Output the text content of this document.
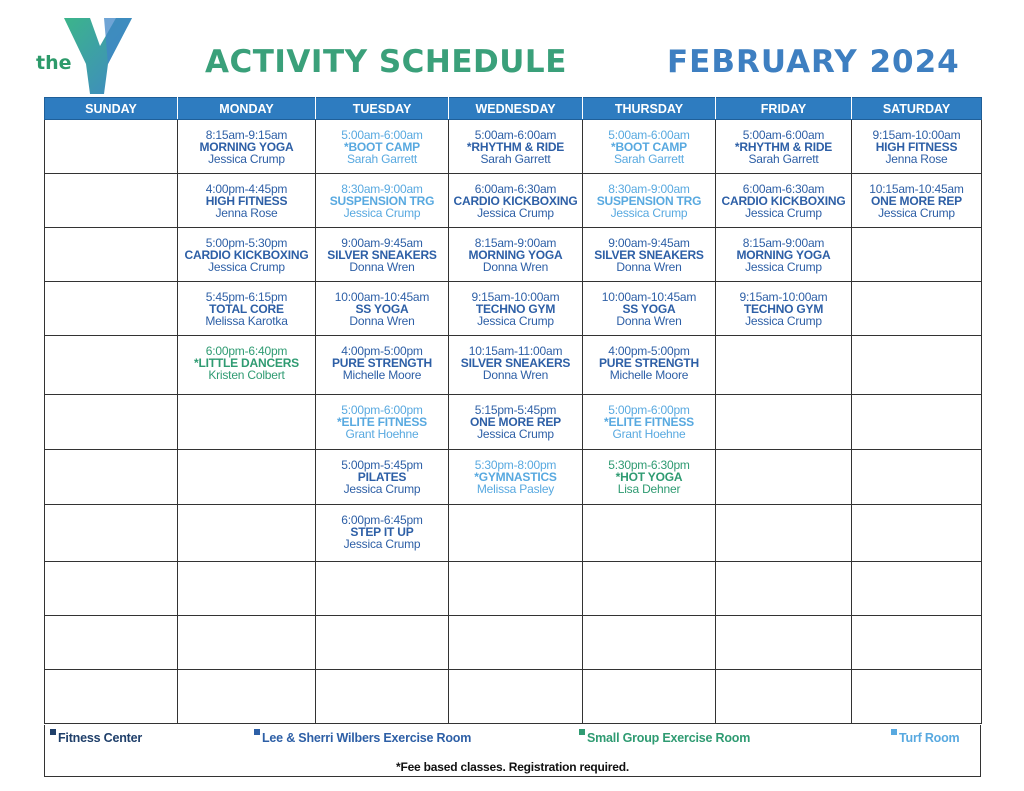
the
YMCA	ACTIVITY SCHEDULE	FEBRUARY 2024
SUNDAY	MONDAY	TUESDAY	WEDNESDAY	THURSDAY	FRIDAY	SATURDAY

	8:15am-9:15am
MORNING YOGA
Jessica Crump	5:00am-6:00am
*BOOT CAMP
Sarah Garrett	5:00am-6:00am
*RHYTHM & RIDE
Sarah Garrett	5:00am-6:00am
*BOOT CAMP
Sarah Garrett	5:00am-6:00am
*RHYTHM & RIDE
Sarah Garrett	9:15am-10:00am
HIGH FITNESS
Jenna Rose

	4:00pm-4:45pm
HIGH FITNESS
Jenna Rose	8:30am-9:00am
SUSPENSION TRG
Jessica Crump	6:00am-6:30am
CARDIO KICKBOXING
Jessica Crump	8:30am-9:00am
SUSPENSION TRG
Jessica Crump	6:00am-6:30am
CARDIO KICKBOXING
Jessica Crump	10:15am-10:45am
ONE MORE REP
Jessica Crump

	5:00pm-5:30pm
CARDIO KICKBOXING
Jessica Crump	9:00am-9:45am
SILVER SNEAKERS
Donna Wren	8:15am-9:00am
MORNING YOGA
Donna Wren	9:00am-9:45am
SILVER SNEAKERS
Donna Wren	8:15am-9:00am
MORNING YOGA
Jessica Crump	

	5:45pm-6:15pm
TOTAL CORE
Melissa Karotka	10:00am-10:45am
SS YOGA
Donna Wren	9:15am-10:00am
TECHNO GYM
Jessica Crump	10:00am-10:45am
SS YOGA
Donna Wren	9:15am-10:00am
TECHNO GYM
Jessica Crump	

	6:00pm-6:40pm
*LITTLE DANCERS
Kristen Colbert	4:00pm-5:00pm
PURE STRENGTH
Michelle Moore	10:15am-11:00am
SILVER SNEAKERS
Donna Wren	4:00pm-5:00pm
PURE STRENGTH
Michelle Moore		

		5:00pm-6:00pm
*ELITE FITNESS
Grant Hoehne	5:15pm-5:45pm
ONE MORE REP
Jessica Crump	5:00pm-6:00pm
*ELITE FITNESS
Grant Hoehne		

		5:00pm-5:45pm
PILATES
Jessica Crump	5:30pm-8:00pm
*GYMNASTICS
Melissa Pasley	5:30pm-6:30pm
*HOT YOGA
Lisa Dehner		

		6:00pm-6:45pm
STEP IT UP
Jessica Crump				

Fitness Center	Lee & Sherri Wilbers Exercise Room	Small Group Exercise Room	Turf Room
*Fee based classes. Registration required.
